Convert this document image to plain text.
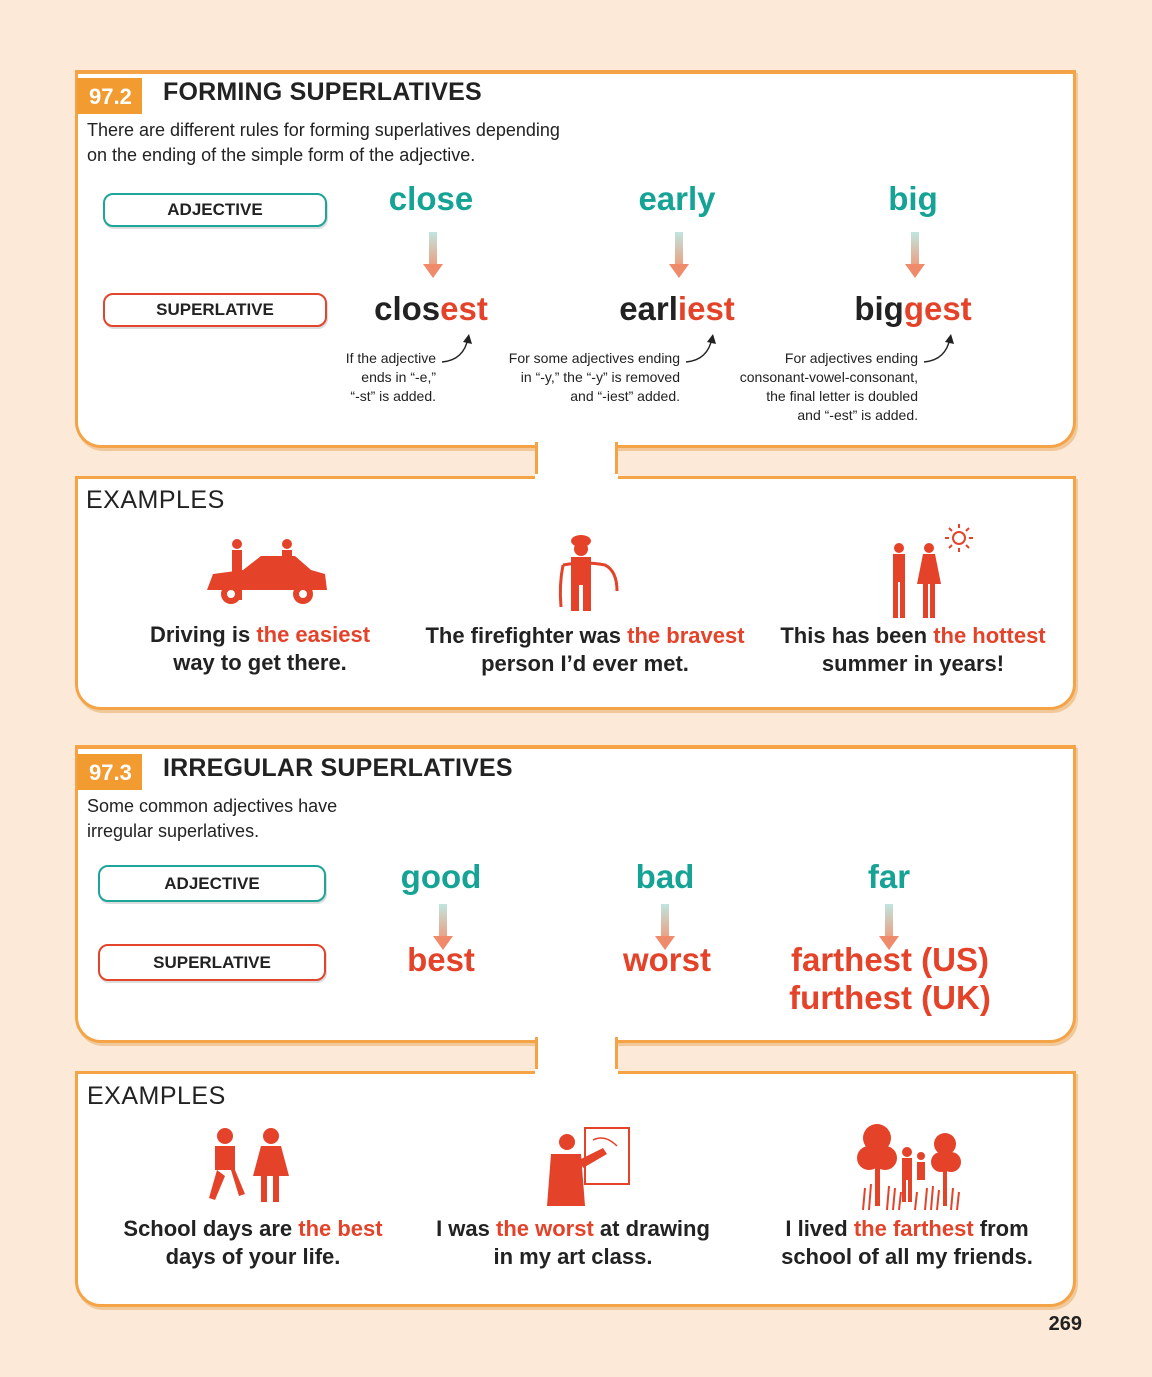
97.2	FORMING SUPERLATIVES
There are different rules for forming superlatives depending
on the ending of the simple form of the adjective.
ADJECTIVE
SUPERLATIVE
close
closest
early
earliest
big
biggest
If the adjective
ends in “-e,”
“-st” is added.
For some adjectives ending
in “-y,” the “-y” is removed
and “-iest” added.
For adjectives ending
consonant-vowel-consonant,
the final letter is doubled
and “-est” is added.
EXAMPLES
Driving is the easiest
way to get there.
The firefighter was the bravest
person I’d ever met.
This has been the hottest
summer in years!
97.3	IRREGULAR SUPERLATIVES
Some common adjectives have
irregular superlatives.
ADJECTIVE
SUPERLATIVE
good
best
bad
worst
far
farthest (US)
furthest (UK)
EXAMPLES
School days are the best
days of your life.
I was the worst at drawing
in my art class.
I lived the farthest from
school of all my friends.
269
